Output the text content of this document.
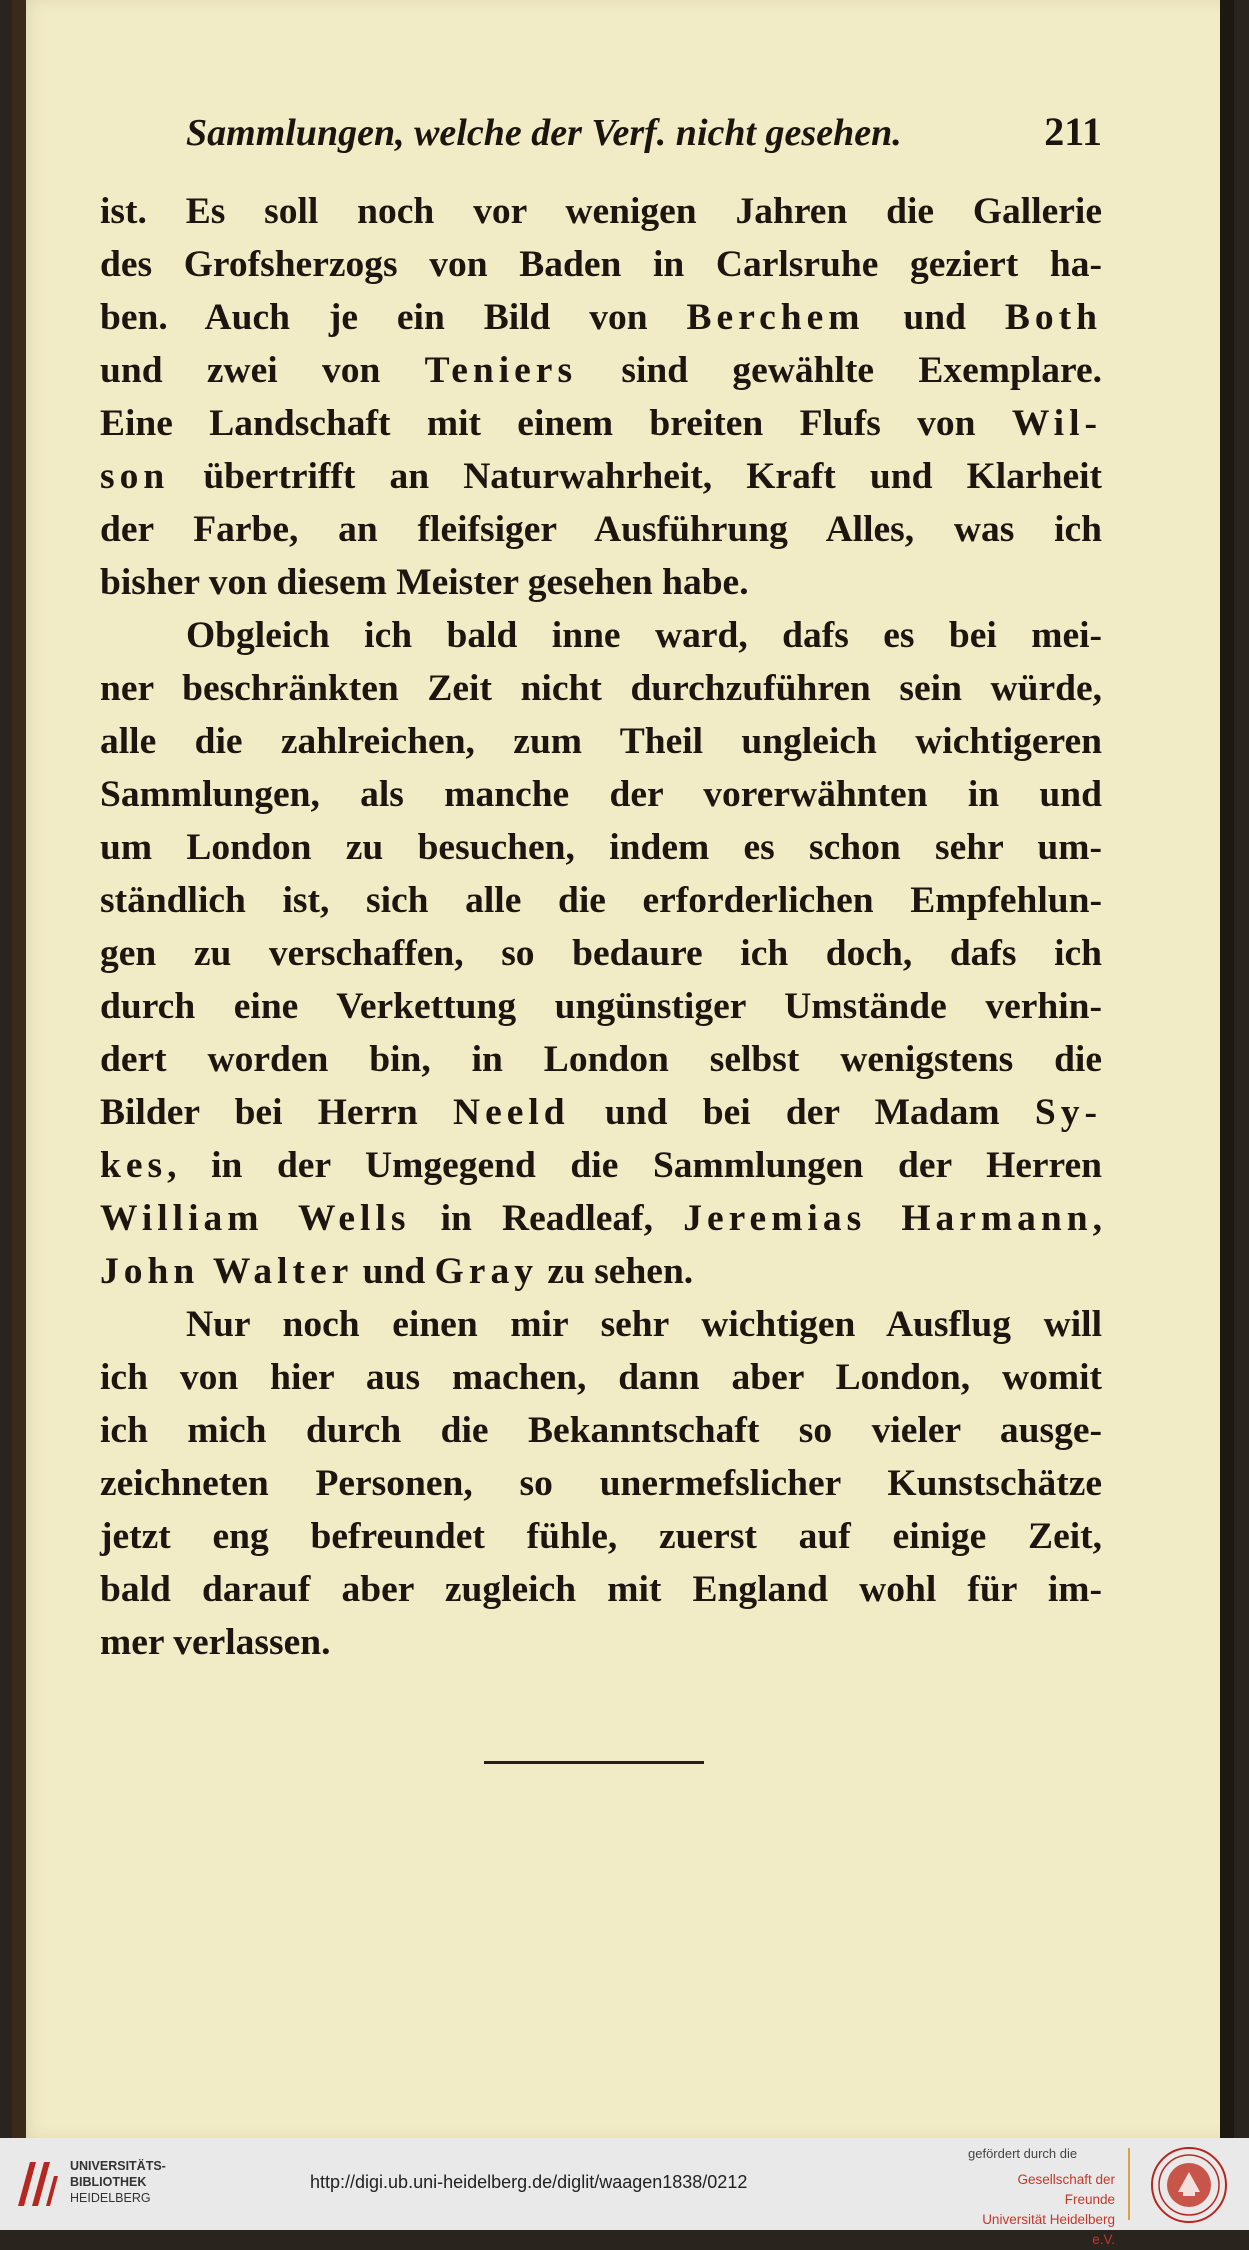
Sammlungen, welche der Verf. nicht gesehen.	211
ist. Es soll noch vor wenigen Jahren die Gallerie
des Grofsherzogs von Baden in Carlsruhe geziert ha-
ben. Auch je ein Bild von Berchem und Both
und zwei von Teniers sind gewählte Exemplare.
Eine Landschaft mit einem breiten Flufs von Wil-
son übertrifft an Naturwahrheit, Kraft und Klarheit
der Farbe, an fleifsiger Ausführung Alles, was ich
bisher von diesem Meister gesehen habe.
Obgleich ich bald inne ward, dafs es bei mei-
ner beschränkten Zeit nicht durchzuführen sein würde,
alle die zahlreichen, zum Theil ungleich wichtigeren
Sammlungen, als manche der vorerwähnten in und
um London zu besuchen, indem es schon sehr um-
ständlich ist, sich alle die erforderlichen Empfehlun-
gen zu verschaffen, so bedaure ich doch, dafs ich
durch eine Verkettung ungünstiger Umstände verhin-
dert worden bin, in London selbst wenigstens die
Bilder bei Herrn Neeld und bei der Madam Sy-
kes, in der Umgegend die Sammlungen der Herren
William Wells in Readleaf, Jeremias Harmann,
John Walter und Gray zu sehen.
Nur noch einen mir sehr wichtigen Ausflug will
ich von hier aus machen, dann aber London, womit
ich mich durch die Bekanntschaft so vieler ausge-
zeichneten Personen, so unermefslicher Kunstschätze
jetzt eng befreundet fühle, zuerst auf einige Zeit,
bald darauf aber zugleich mit England wohl für im-
mer verlassen.
UNIVERSITÄTS-
BIBLIOTHEK
HEIDELBERG
http://digi.ub.uni-heidelberg.de/diglit/waagen1838/0212
gefördert durch die
Gesellschaft der Freunde
Universität Heidelberg e.V.
